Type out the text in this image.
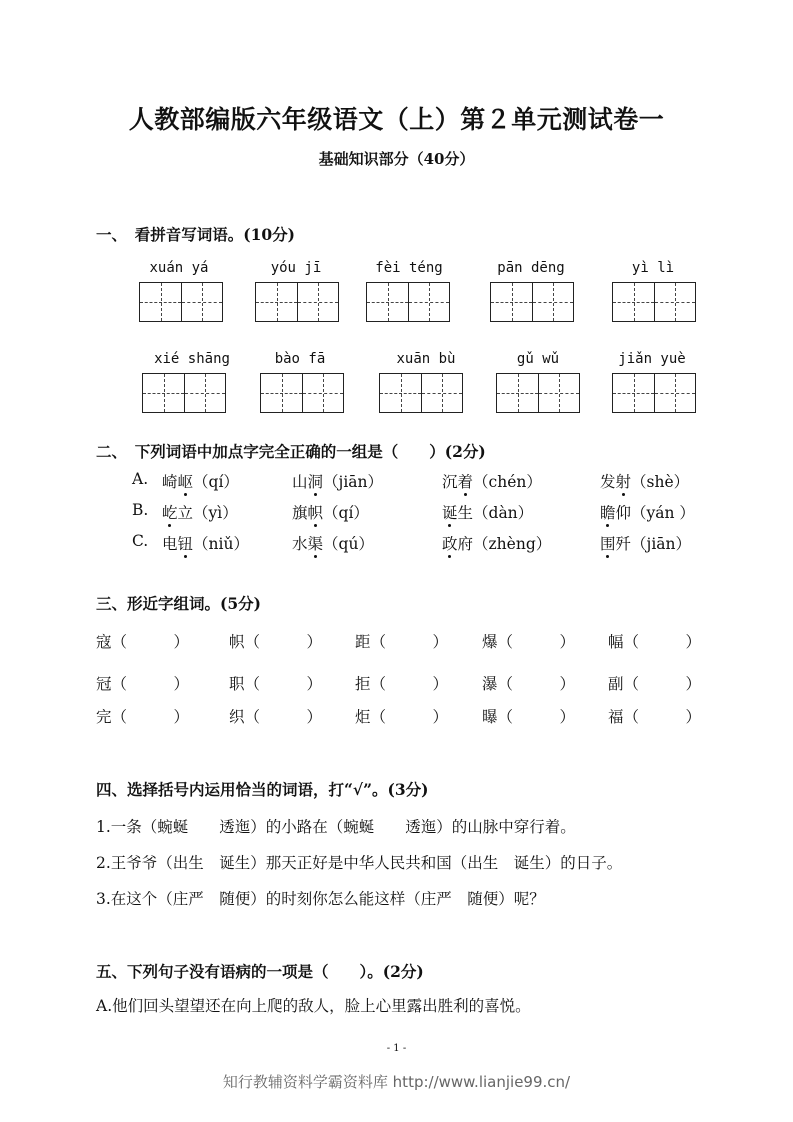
人教部编版六年级语文（上）第２单元测试卷一
基础知识部分（40分）
一、　看拼音写词语。(10分)
xuán yá	yóu jī	fèi téng	pān dēng	yì lì
xié shāng	bào fā	xuān bù	gǔ wǔ	jiǎn yuè
二、　下列词语中加点字完全正确的一组是（　　）(2分)
A. 崎岖（qí）	山洞（jiān）	沉着（chén）	发射（shè）
B. 屹立（yì）	旗帜（qí）	诞生（dàn）	瞻仰（yán ）
C. 电钮（niǔ）	水渠（qú）	政府（zhèng）	围歼（jiān）
三、形近字组词。(5分)
寇（　　　）	帜（　　　） 距（　　　） 爆（　　　） 幅（　　　）
冠（　　　）	职（　　　） 拒（　　　） 瀑（　　　） 副（　　　）
完（　　　）	织（　　　） 炬（　　　） 曝（　　　） 福（　　　）
四、选择括号内运用恰当的词语，打“√”。(3分)
1.一条（蜿蜒　　透迤）的小路在（蜿蜒　　透迤）的山脉中穿行着。
2.王爷爷（出生　诞生）那天正好是中华人民共和国（出生　诞生）的日子。
3.在这个（庄严　随便）的时刻你怎么能这样（庄严　随便）呢？
五、下列句子没有语病的一项是（　　）。(2分)
A.他们回头望望还在向上爬的敌人，脸上心里露出胜利的喜悦。
- 1 -
知行教辅资料学霸资料库 http://www.lianjie99.cn/
